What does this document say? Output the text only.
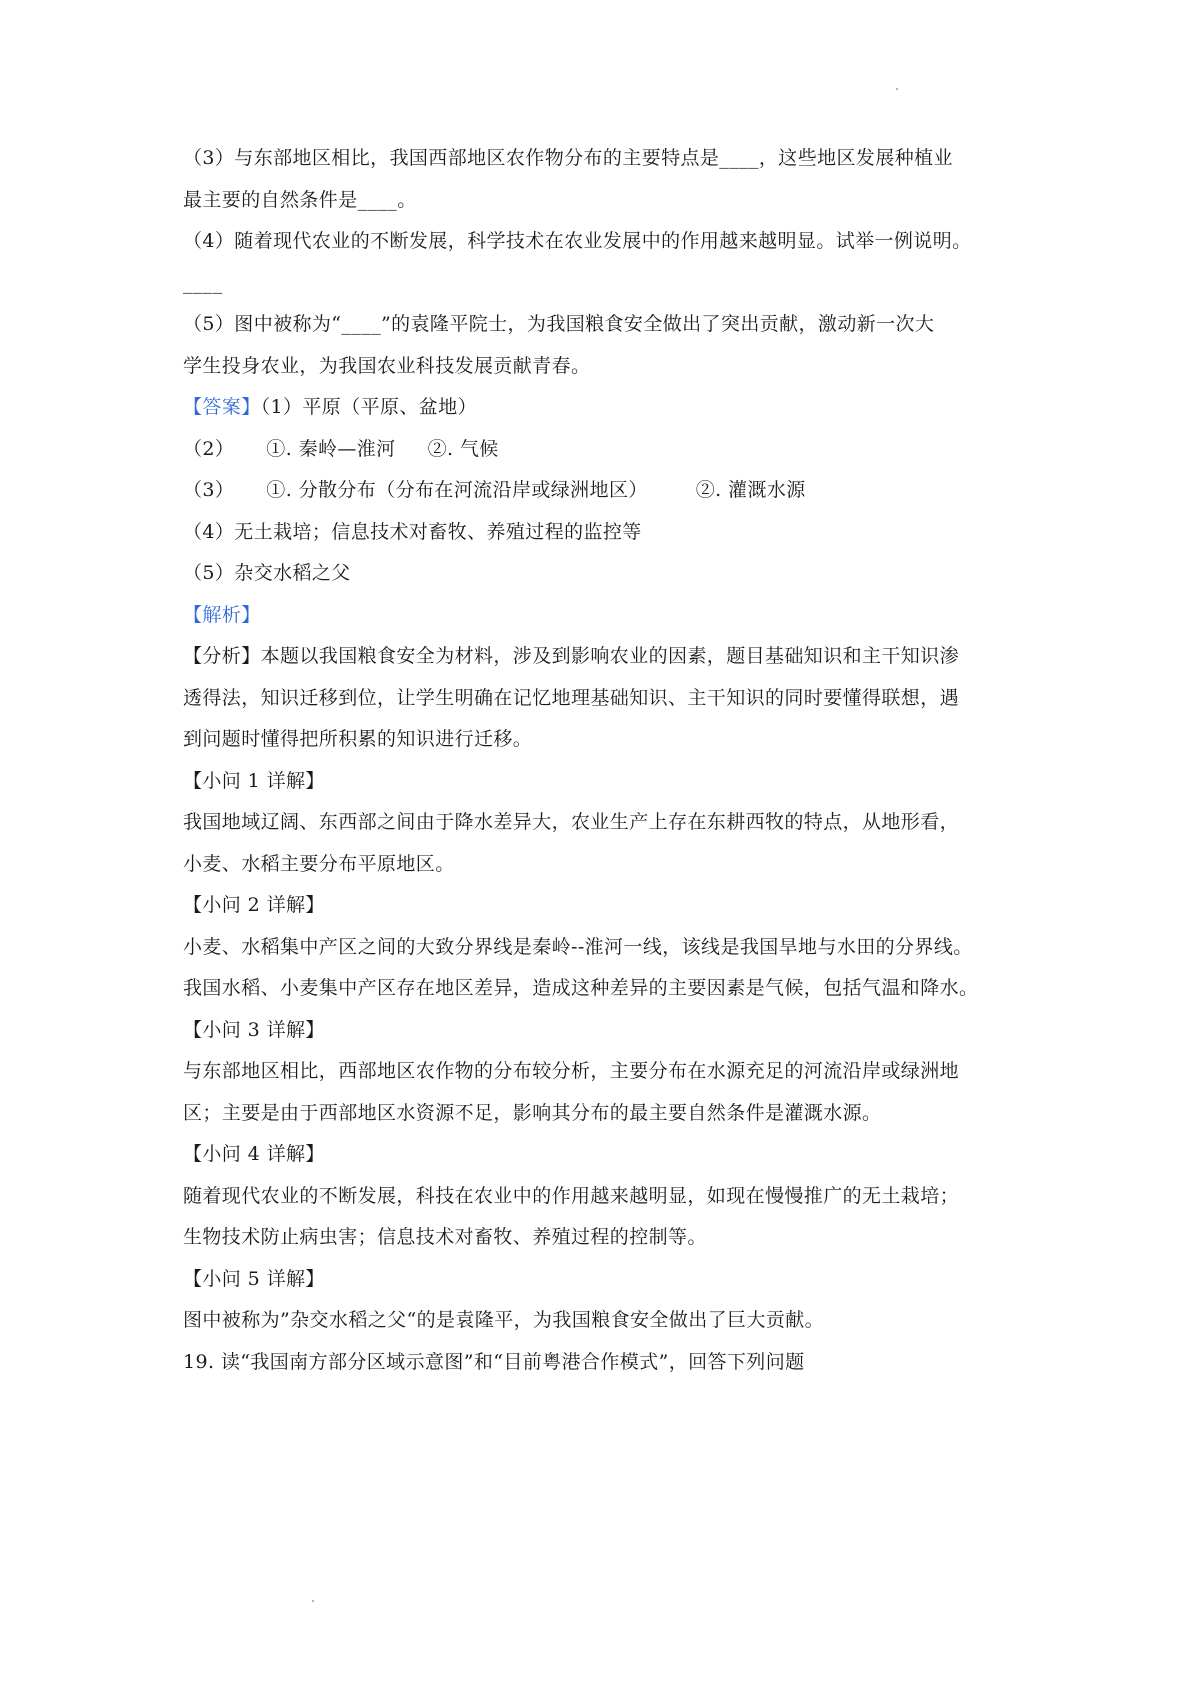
（3）与东部地区相比，我国西部地区农作物分布的主要特点是____，这些地区发展种植业
最主要的自然条件是____。
（4）随着现代农业的不断发展，科学技术在农业发展中的作用越来越明显。试举一例说明。
____
（5）图中被称为“____”的袁隆平院士，为我国粮食安全做出了突出贡献，激动新一次大
学生投身农业，为我国农业科技发展贡献青春。
【答案】（1）平原（平原、盆地）
（2） ①. 秦岭—淮河 ②. 气候
（3） ①. 分散分布（分布在河流沿岸或绿洲地区）	②. 灌溉水源
（4）无土栽培；信息技术对畜牧、养殖过程的监控等
（5）杂交水稻之父
【解析】
【分析】本题以我国粮食安全为材料，涉及到影响农业的因素，题目基础知识和主干知识渗
透得法，知识迁移到位，让学生明确在记忆地理基础知识、主干知识的同时要懂得联想，遇
到问题时懂得把所积累的知识进行迁移。
【小问 1 详解】
我国地域辽阔、东西部之间由于降水差异大，农业生产上存在东耕西牧的特点，从地形看，
小麦、水稻主要分布平原地区。
【小问 2 详解】
小麦、水稻集中产区之间的大致分界线是秦岭--淮河一线，该线是我国旱地与水田的分界线。
我国水稻、小麦集中产区存在地区差异，造成这种差异的主要因素是气候，包括气温和降水。
【小问 3 详解】
与东部地区相比，西部地区农作物的分布较分析，主要分布在水源充足的河流沿岸或绿洲地
区；主要是由于西部地区水资源不足，影响其分布的最主要自然条件是灌溉水源。
【小问 4 详解】
随着现代农业的不断发展，科技在农业中的作用越来越明显，如现在慢慢推广的无土栽培；
生物技术防止病虫害；信息技术对畜牧、养殖过程的控制等。
【小问 5 详解】
图中被称为”杂交水稻之父“的是袁隆平，为我国粮食安全做出了巨大贡献。
19. 读“我国南方部分区域示意图”和“目前粤港合作模式”，回答下列问题
